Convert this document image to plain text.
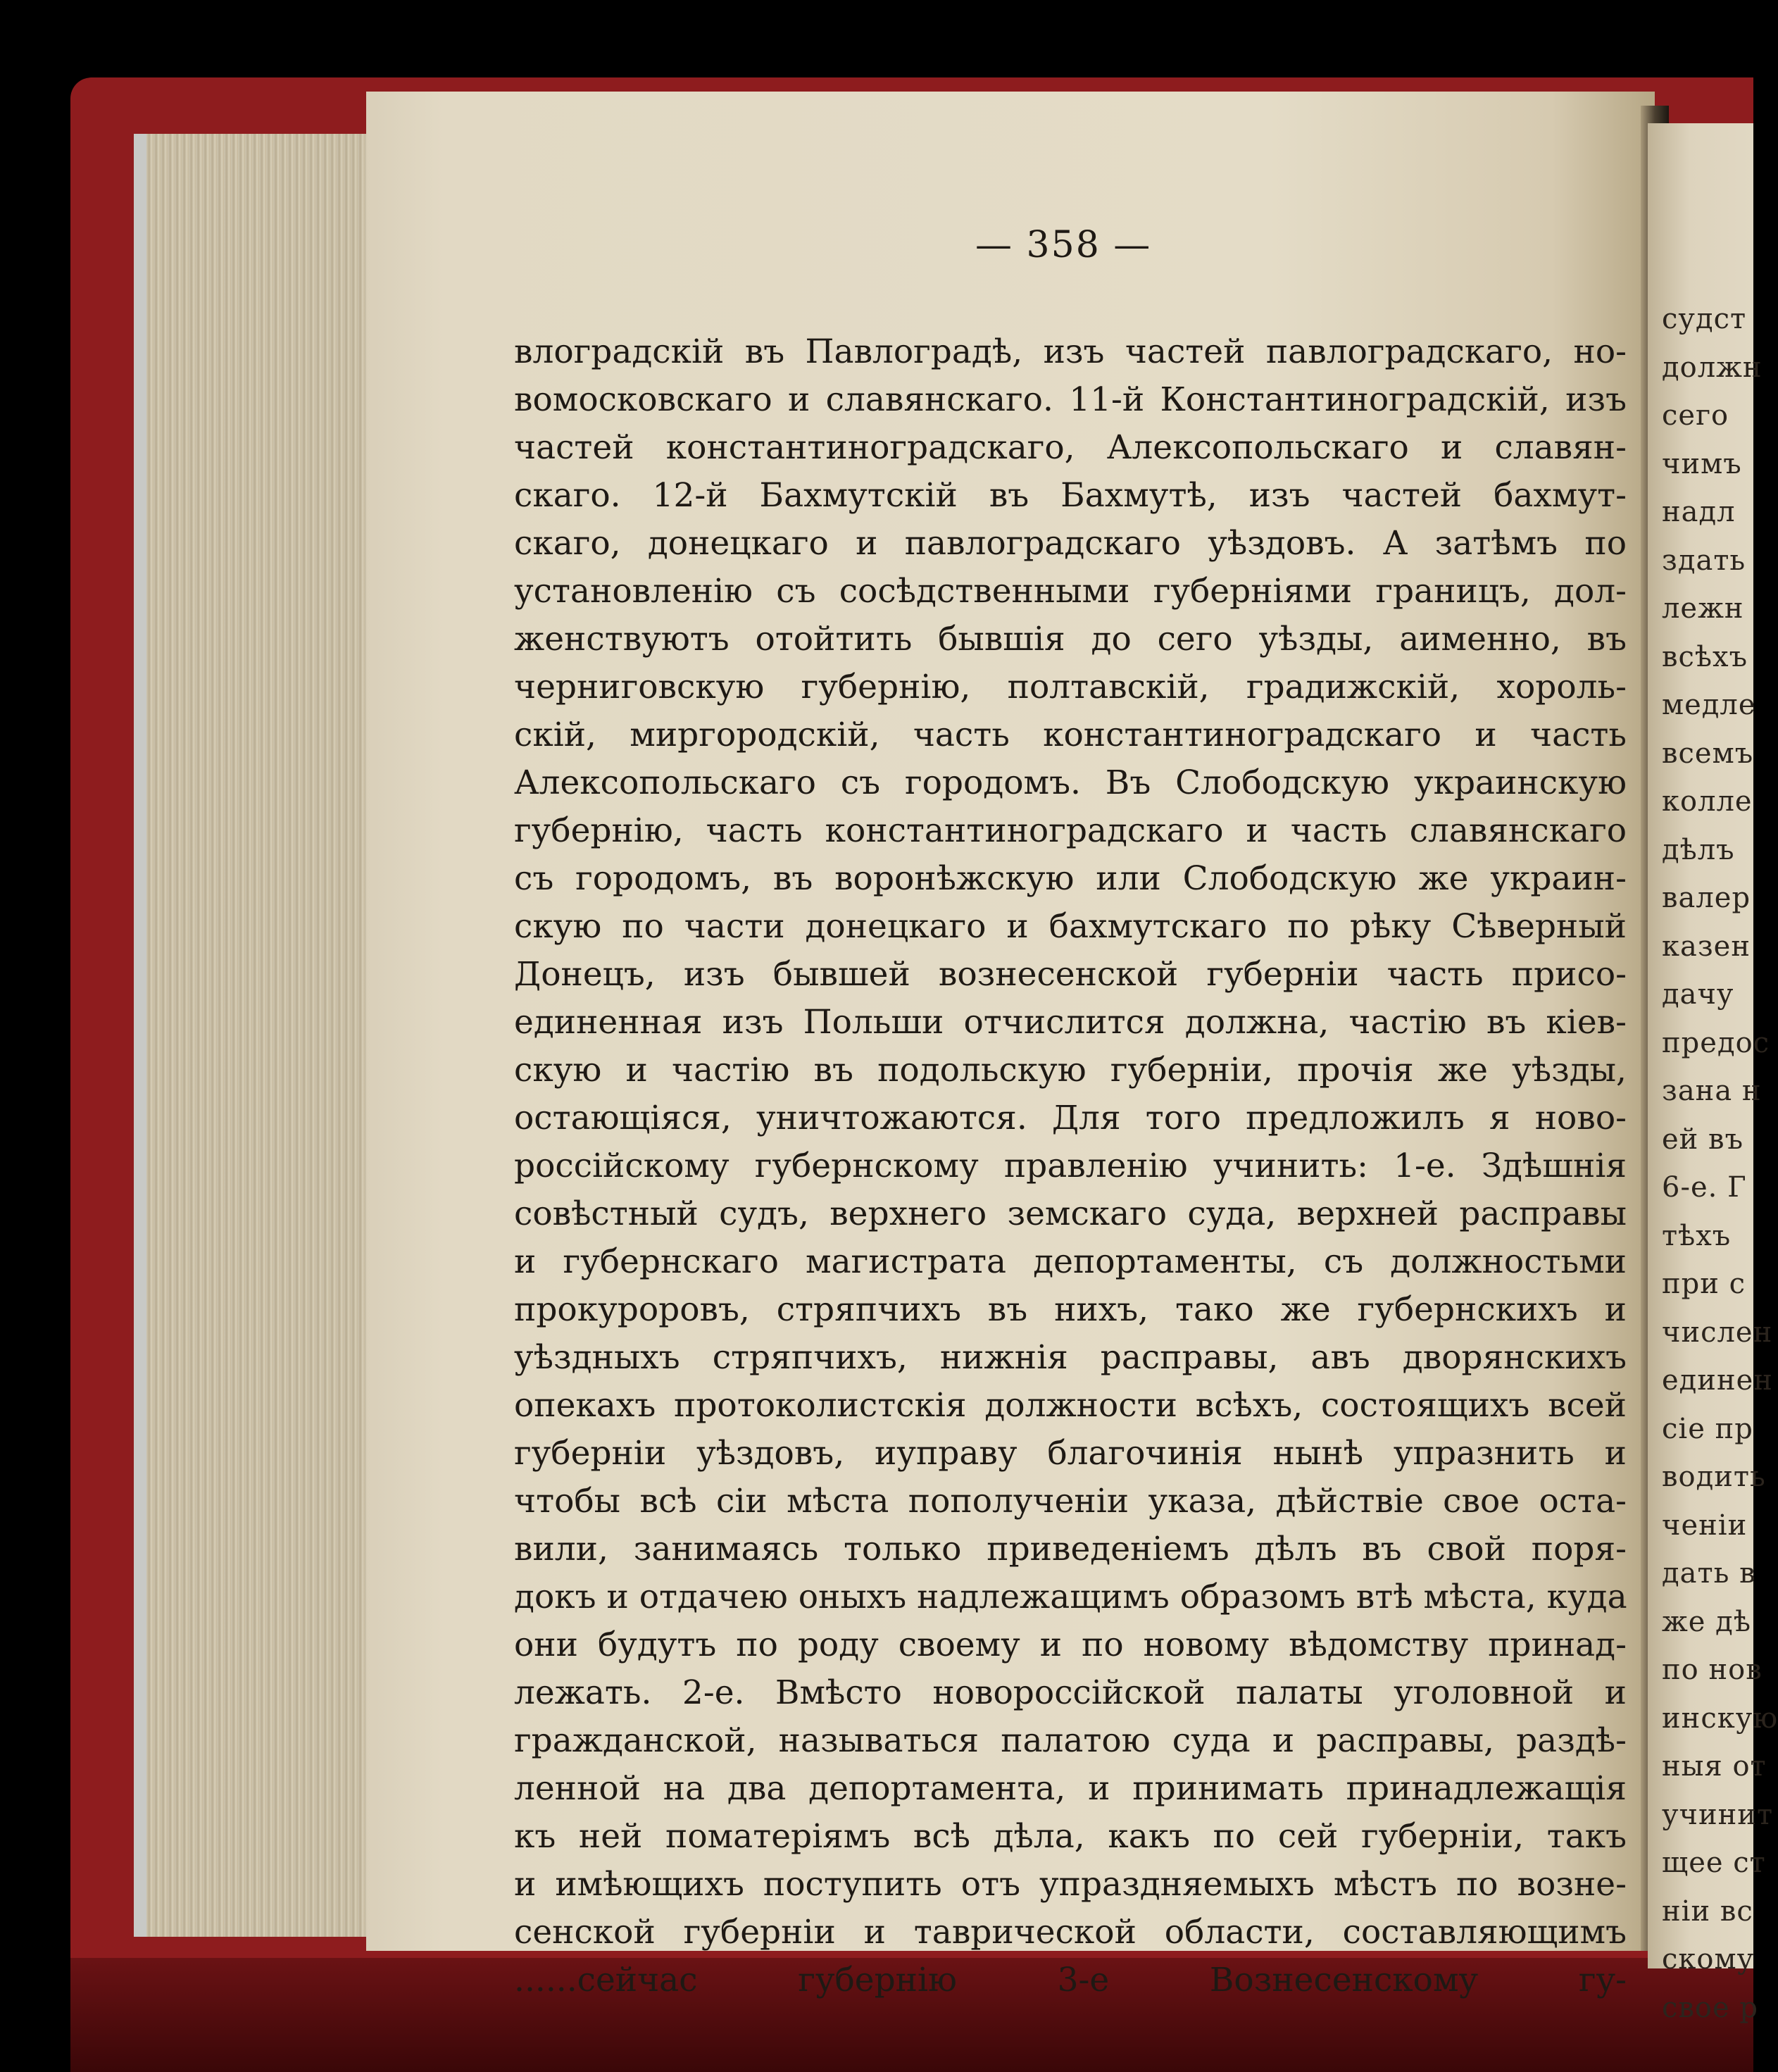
судст
должн
сего
чимъ
надл
здать
лежн
всѣхъ
медле
всемъ
колле
дѣлъ
валер
казен
дачу
предос
зана н
ей въ
6-е. Г
тѣхъ
при с
числен
единен
сіе пр
водить
ченіи
дать в
же дѣ
по нов
инскую
ныя от
учинит
щее ст
ніи вс
скому
свое р
— 358 —
влоградскій въ Павлоградѣ, изъ частей павлоградскаго, но-
вомосковскаго и славянскаго. 11-й Константиноградскій, изъ
частей константиноградскаго, Алексопольскаго и славян-
скаго. 12-й Бахмутскій въ Бахмутѣ, изъ частей бахмут-
скаго, донецкаго и павлоградскаго уѣздовъ. А затѣмъ по
установленію съ сосѣдственными губерніями границъ, дол-
женствуютъ отойтить бывшія до сего уѣзды, аименно, въ
черниговскую губернію, полтавскій, градижскій, хороль-
скій, миргородскій, часть константиноградскаго и часть
Алексопольскаго съ городомъ. Въ Слободскую украинскую
губернію, часть константиноградскаго и часть славянскаго
съ городомъ, въ воронѣжскую или Слободскую же украин-
скую по части донецкаго и бахмутскаго по рѣку Сѣверный
Донецъ, изъ бывшей вознесенской губерніи часть присо-
единенная изъ Польши отчислится должна, частію въ кіев-
скую и частію въ подольскую губерніи, прочія же уѣзды,
остающіяся, уничтожаются. Для того предложилъ я ново-
россійскому губернскому правленію учинить: 1-е. Здѣшнія
совѣстный судъ, верхнего земскаго суда, верхней расправы
и губернскаго магистрата депортаменты, съ должностьми
прокуроровъ, стряпчихъ въ нихъ, тако же губернскихъ и
уѣздныхъ стряпчихъ, нижнія расправы, авъ дворянскихъ
опекахъ протоколистскія должности всѣхъ, состоящихъ всей
губерніи уѣздовъ, иуправу благочинія нынѣ упразнить и
чтобы всѣ сіи мѣста пополученіи указа, дѣйствіе свое оста-
вили, занимаясь только приведеніемъ дѣлъ въ свой поря-
докъ и отдачею оныхъ надлежащимъ образомъ втѣ мѣста, куда
они будутъ по роду своему и по новому вѣдомству принад-
лежать. 2-е. Вмѣсто новороссійской палаты уголовной и
гражданской, называться палатою суда и расправы, раздѣ-
ленной на два депортамента, и принимать принадлежащія
къ ней поматеріямъ всѣ дѣла, какъ по сей губерніи, такъ
и имѣющихъ поступить отъ упраздняемыхъ мѣстъ по возне-
сенской губерніи и таврической области, составляющимъ
